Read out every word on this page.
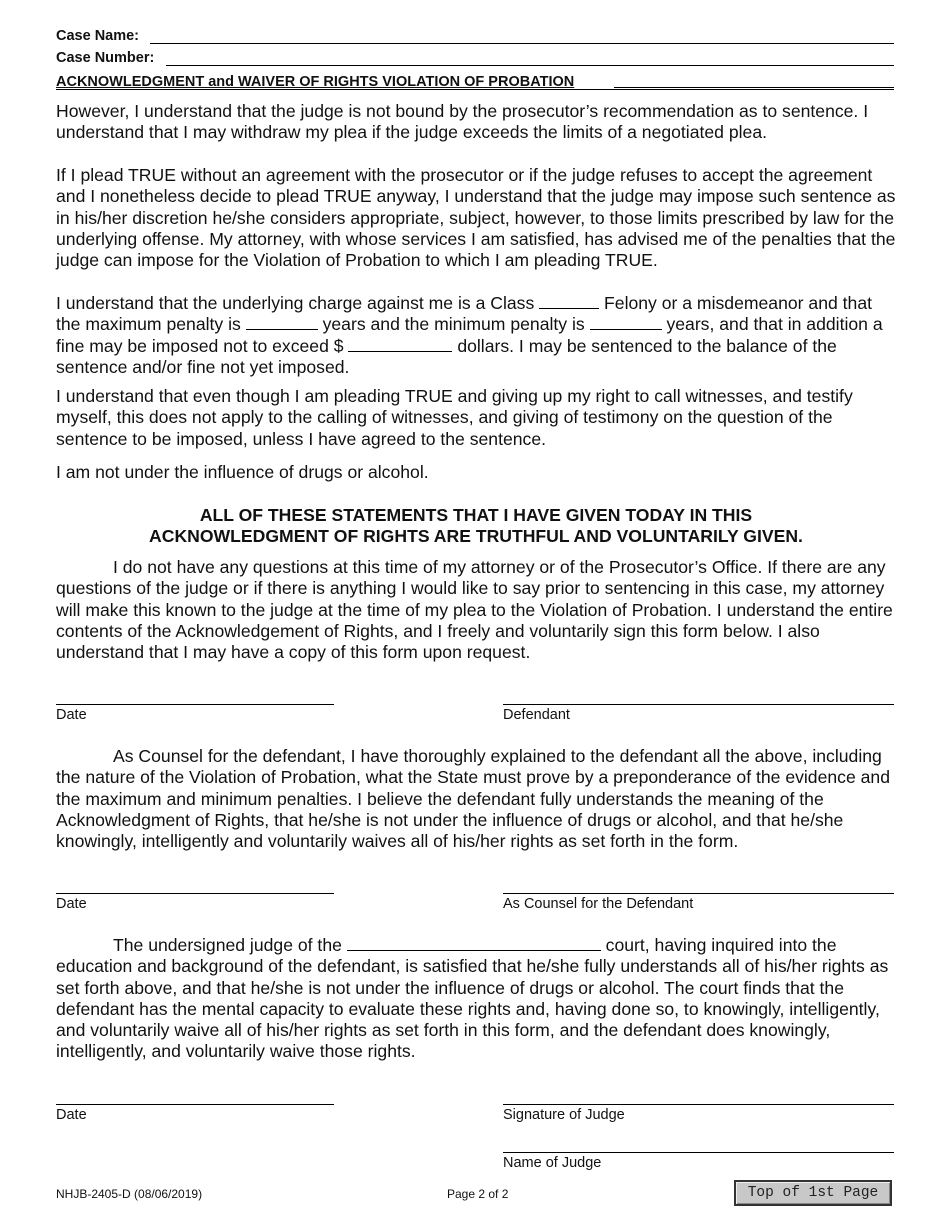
Case Name:
Case Number:
ACKNOWLEDGMENT and WAIVER OF RIGHTS VIOLATION OF PROBATION

However, I understand that the judge is not bound by the prosecutor’s recommendation as to sentence. I understand that I may withdraw my plea if the judge exceeds the limits of a negotiated plea.

If I plead TRUE without an agreement with the prosecutor or if the judge refuses to accept the agreement and I nonetheless decide to plead TRUE anyway, I understand that the judge may impose such sentence as in his/her discretion he/she considers appropriate, subject, however, to those limits prescribed by law for the underlying offense. My attorney, with whose services I am satisfied, has advised me of the penalties that the judge can impose for the Violation of Probation to which I am pleading TRUE.

I understand that the underlying charge against me is a Class	Felony or a misdemeanor and that the maximum penalty is	years and the minimum penalty is	years, and that in addition a fine may be imposed not to exceed $	dollars. I may be sentenced to the balance of the sentence and/or fine not yet imposed.

I understand that even though I am pleading TRUE and giving up my right to call witnesses, and testify myself, this does not apply to the calling of witnesses, and giving of testimony on the question of the sentence to be imposed, unless I have agreed to the sentence.

I am not under the influence of drugs or alcohol.

ALL OF THESE STATEMENTS THAT I HAVE GIVEN TODAY IN THIS
ACKNOWLEDGMENT OF RIGHTS ARE TRUTHFUL AND VOLUNTARILY GIVEN.

I do not have any questions at this time of my attorney or of the Prosecutor’s Office. If there are any questions of the judge or if there is anything I would like to say prior to sentencing in this case, my attorney will make this known to the judge at the time of my plea to the Violation of Probation. I understand the entire contents of the Acknowledgement of Rights, and I freely and voluntarily sign this form below. I also understand that I may have a copy of this form upon request.

Date	Defendant

As Counsel for the defendant, I have thoroughly explained to the defendant all the above, including the nature of the Violation of Probation, what the State must prove by a preponderance of the evidence and the maximum and minimum penalties. I believe the defendant fully understands the meaning of the Acknowledgment of Rights, that he/she is not under the influence of drugs or alcohol, and that he/she knowingly, intelligently and voluntarily waives all of his/her rights as set forth in the form.

Date	As Counsel for the Defendant

The undersigned judge of the	court, having inquired into the education and background of the defendant, is satisfied that he/she fully understands all of his/her rights as set forth above, and that he/she is not under the influence of drugs or alcohol. The court finds that the defendant has the mental capacity to evaluate these rights and, having done so, to knowingly, intelligently, and voluntarily waive all of his/her rights as set forth in this form, and the defendant does knowingly, intelligently, and voluntarily waive those rights.

Date	Signature of Judge
Name of Judge
NHJB-2405-D (08/06/2019)	Page 2 of 2	Top of 1st Page
